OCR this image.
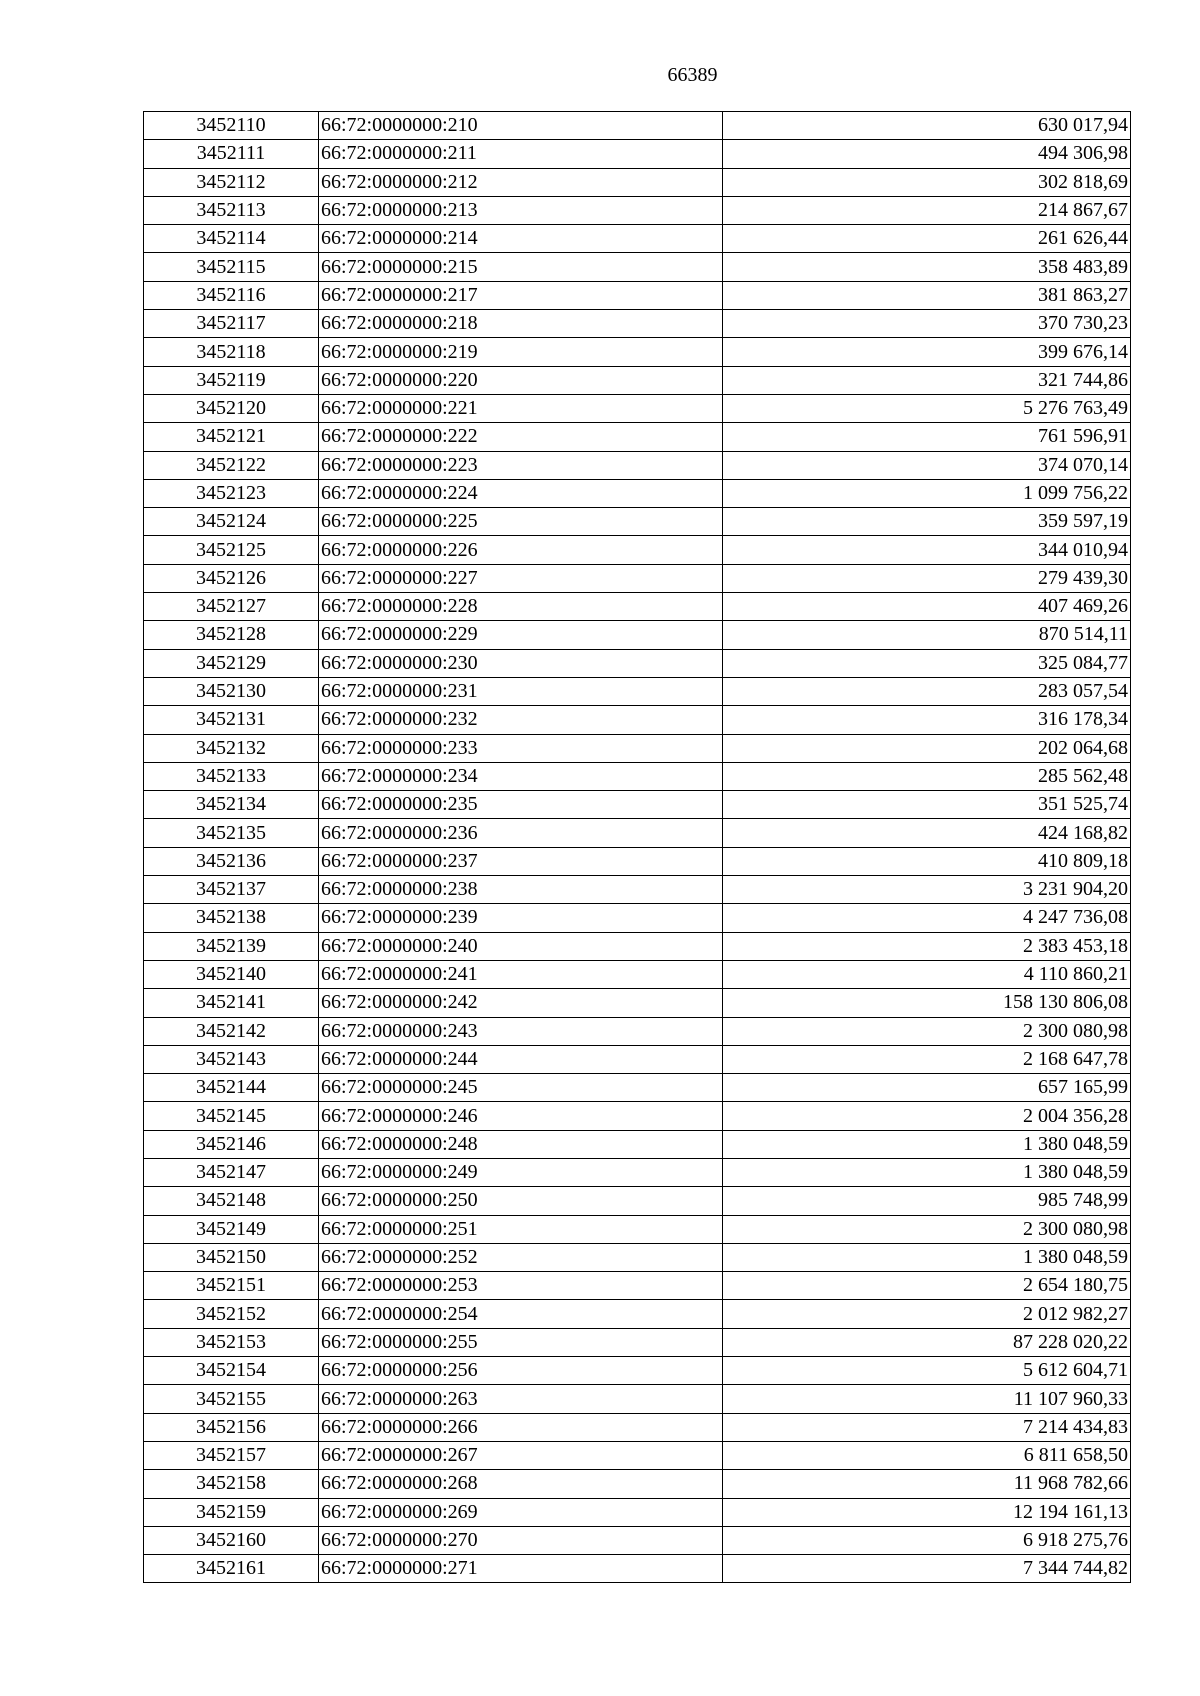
66389
3452110	66:72:0000000:210	630 017,94
3452111	66:72:0000000:211	494 306,98
3452112	66:72:0000000:212	302 818,69
3452113	66:72:0000000:213	214 867,67
3452114	66:72:0000000:214	261 626,44
3452115	66:72:0000000:215	358 483,89
3452116	66:72:0000000:217	381 863,27
3452117	66:72:0000000:218	370 730,23
3452118	66:72:0000000:219	399 676,14
3452119	66:72:0000000:220	321 744,86
3452120	66:72:0000000:221	5 276 763,49
3452121	66:72:0000000:222	761 596,91
3452122	66:72:0000000:223	374 070,14
3452123	66:72:0000000:224	1 099 756,22
3452124	66:72:0000000:225	359 597,19
3452125	66:72:0000000:226	344 010,94
3452126	66:72:0000000:227	279 439,30
3452127	66:72:0000000:228	407 469,26
3452128	66:72:0000000:229	870 514,11
3452129	66:72:0000000:230	325 084,77
3452130	66:72:0000000:231	283 057,54
3452131	66:72:0000000:232	316 178,34
3452132	66:72:0000000:233	202 064,68
3452133	66:72:0000000:234	285 562,48
3452134	66:72:0000000:235	351 525,74
3452135	66:72:0000000:236	424 168,82
3452136	66:72:0000000:237	410 809,18
3452137	66:72:0000000:238	3 231 904,20
3452138	66:72:0000000:239	4 247 736,08
3452139	66:72:0000000:240	2 383 453,18
3452140	66:72:0000000:241	4 110 860,21
3452141	66:72:0000000:242	158 130 806,08
3452142	66:72:0000000:243	2 300 080,98
3452143	66:72:0000000:244	2 168 647,78
3452144	66:72:0000000:245	657 165,99
3452145	66:72:0000000:246	2 004 356,28
3452146	66:72:0000000:248	1 380 048,59
3452147	66:72:0000000:249	1 380 048,59
3452148	66:72:0000000:250	985 748,99
3452149	66:72:0000000:251	2 300 080,98
3452150	66:72:0000000:252	1 380 048,59
3452151	66:72:0000000:253	2 654 180,75
3452152	66:72:0000000:254	2 012 982,27
3452153	66:72:0000000:255	87 228 020,22
3452154	66:72:0000000:256	5 612 604,71
3452155	66:72:0000000:263	11 107 960,33
3452156	66:72:0000000:266	7 214 434,83
3452157	66:72:0000000:267	6 811 658,50
3452158	66:72:0000000:268	11 968 782,66
3452159	66:72:0000000:269	12 194 161,13
3452160	66:72:0000000:270	6 918 275,76
3452161	66:72:0000000:271	7 344 744,82
